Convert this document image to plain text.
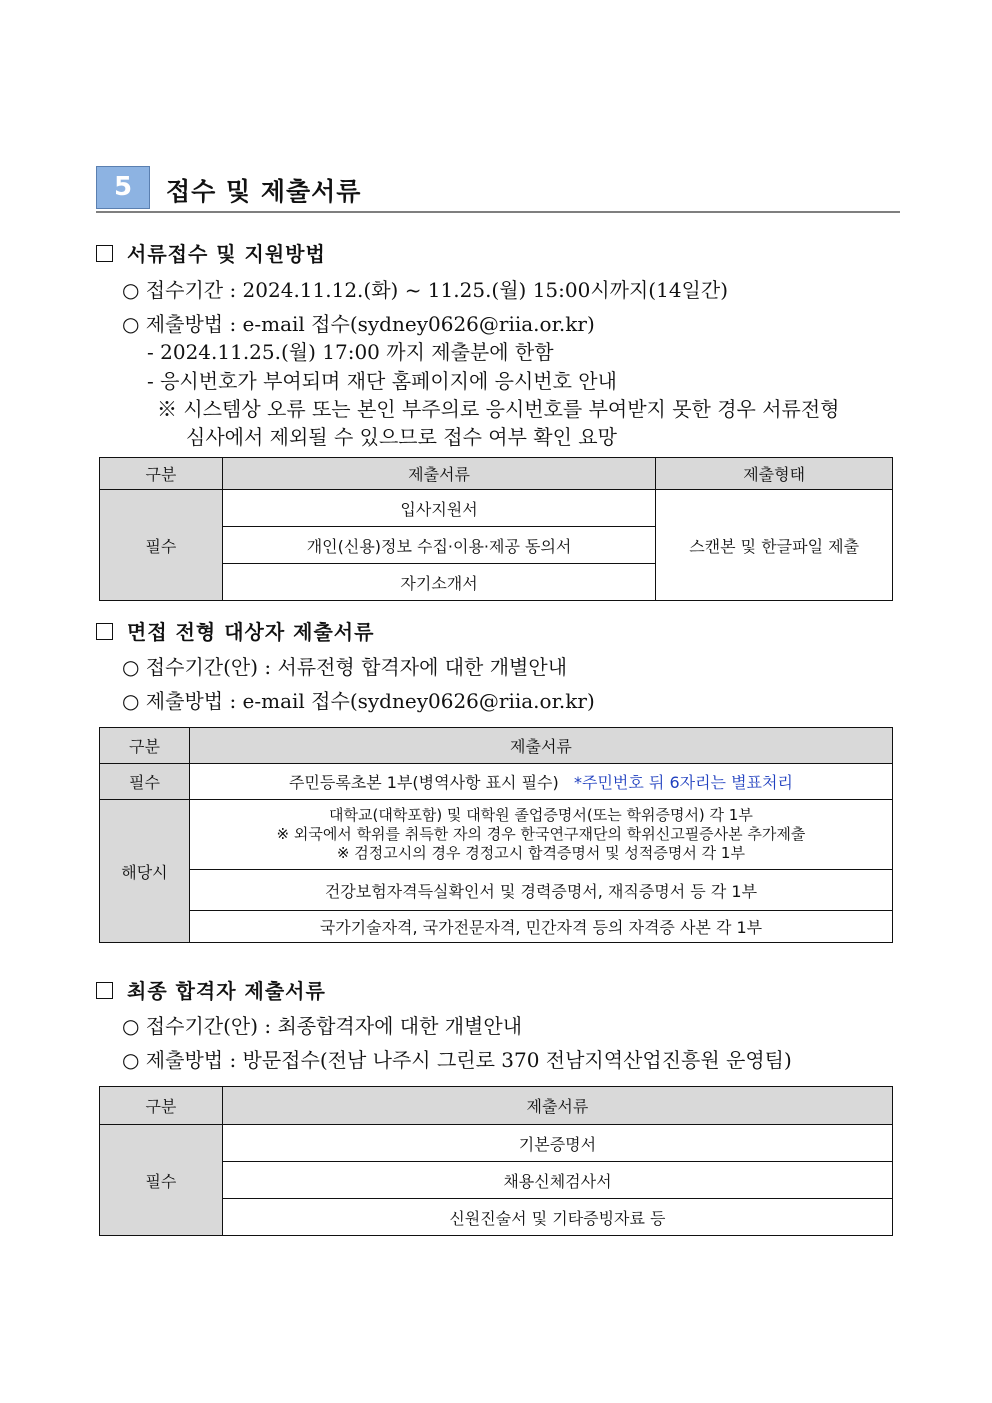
5	접수 및 제출서류
서류접수 및 지원방법
○ 접수기간 : 2024.11.12.(화) ~ 11.25.(월) 15:00시까지(14일간)
○ 제출방법 : e-mail 접수(sydney0626@riia.or.kr)
- 2024.11.25.(월) 17:00 까지 제출분에 한함
- 응시번호가 부여되며 재단 홈페이지에 응시번호 안내
※ 시스템상 오류 또는 본인 부주의로 응시번호를 부여받지 못한 경우 서류전형
심사에서 제외될 수 있으므로 접수 여부 확인 요망
구분	제출서류	제출형태
필수	입사지원서	스캔본 및 한글파일 제출
	개인(신용)정보 수집·이용·제공 동의서	
	자기소개서	
면접 전형 대상자 제출서류
○ 접수기간(안) : 서류전형 합격자에 대한 개별안내
○ 제출방법 : e-mail 접수(sydney0626@riia.or.kr)
구분	제출서류
필수	주민등록초본 1부(병역사항 표시 필수) *주민번호 뒤 6자리는 별표처리
해당시	대학교(대학포함) 및 대학원 졸업증명서(또는 학위증명서) 각 1부
※ 외국에서 학위를 취득한 자의 경우 한국연구재단의 학위신고필증사본 추가제출
※ 검정고시의 경우 경정고시 합격증명서 및 성적증명서 각 1부

	건강보험자격득실확인서 및 경력증명서, 재직증명서 등 각 1부
	국가기술자격, 국가전문자격, 민간자격 등의 자격증 사본 각 1부
최종 합격자 제출서류
○ 접수기간(안) : 최종합격자에 대한 개별안내
○ 제출방법 : 방문접수(전남 나주시 그린로 370 전남지역산업진흥원 운영팀)
구분	제출서류
필수	기본증명서
	채용신체검사서
	신원진술서 및 기타증빙자료 등
